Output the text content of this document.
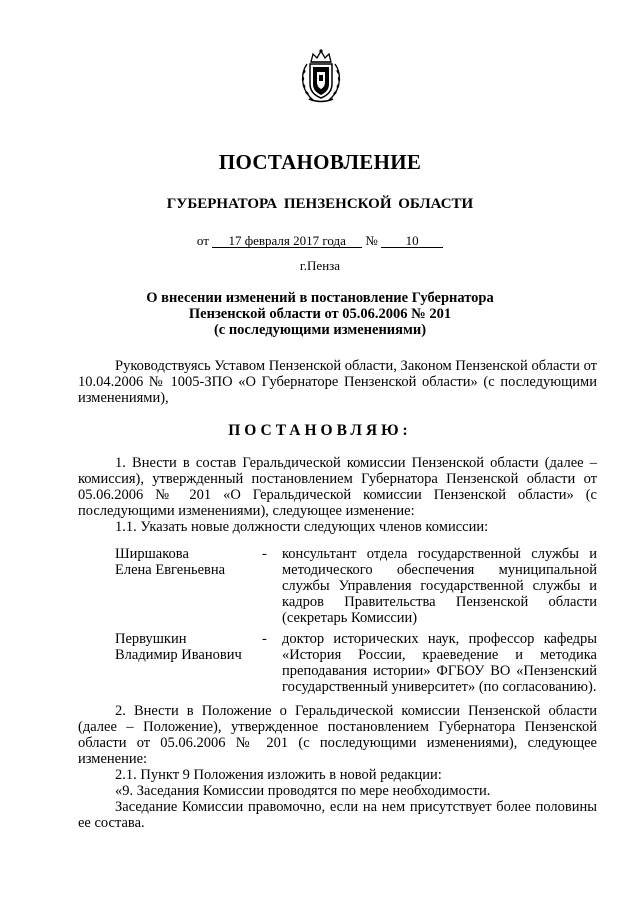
ПОСТАНОВЛЕНИЕ
ГУБЕРНАТОРА ПЕНЗЕНСКОЙ ОБЛАСТИ
от 17 февраля 2017 года № 10
г.Пенза
О внесении изменений в постановление Губернатора
Пензенской области от 05.06.2006 № 201
(с последующими изменениями)
Руководствуясь Уставом Пензенской области, Законом Пензенской области от 10.04.2006 № 1005-ЗПО «О Губернаторе Пензенской области» (с последующими изменениями),
ПОСТАНОВЛЯЮ:
1. Внести в состав Геральдической комиссии Пензенской области (далее – комиссия), утвержденный постановлением Губернатора Пензенской области от 05.06.2006 № 201 «О Геральдической комиссии Пензенской области» (с последующими изменениями), следующее изменение:
1.1. Указать новые должности следующих членов комиссии:
Ширшакова
Елена Евгеньевна
-	консультант отдела государственной службы и методического обеспечения муниципальной службы Управления государственной службы и кадров Правительства Пензенской области (секретарь Комиссии)
Первушкин
Владимир Иванович
-	доктор исторических наук, профессор кафедры «История России, краеведение и методика преподавания истории» ФГБОУ ВО «Пензенский государственный университет» (по согласованию).
2. Внести в Положение о Геральдической комиссии Пензенской области (далее – Положение), утвержденное постановлением Губернатора Пензенской области от 05.06.2006 № 201 (с последующими изменениями), следующее изменение:
2.1. Пункт 9 Положения изложить в новой редакции:
«9. Заседания Комиссии проводятся по мере необходимости.
Заседание Комиссии правомочно, если на нем присутствует более половины ее состава.
